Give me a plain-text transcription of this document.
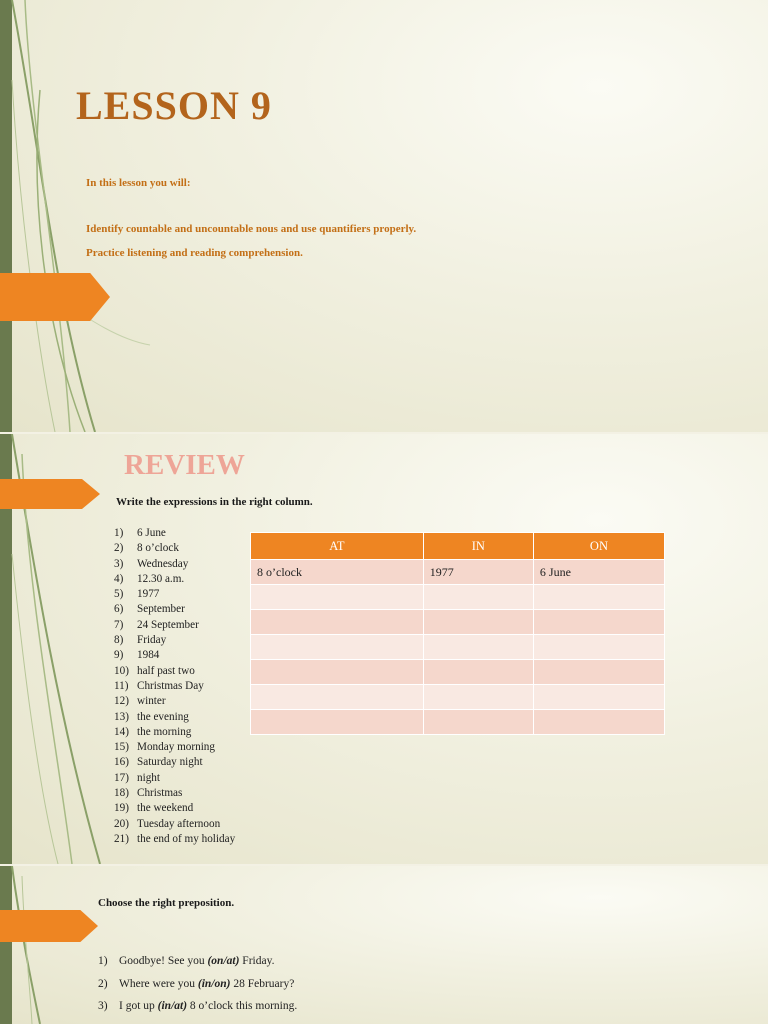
LESSON 9

In this lesson you will:

Identify countable and uncountable nous and use quantifiers properly.

Practice listening and reading comprehension.

REVIEW

Write the expressions in the right column.

1)	6 June
2)	8 o’clock
3)	Wednesday
4)	12.30 a.m.
5)	1977
6)	September
7)	24 September
8)	Friday
9)	1984
10) half past two
11) Christmas Day
12) winter
13) the evening
14) the morning
15) Monday morning
16) Saturday night
17) night
18) Christmas
19) the weekend
20) Tuesday afternoon
21) the end of my holiday
AT	IN	ON
8 o’clock	1977	6 June

Choose the right preposition.

1) Goodbye! See you (on/at) Friday.
2) Where were you (in/on) 28 February?
3) I got up (in/at) 8 o’clock this morning.
